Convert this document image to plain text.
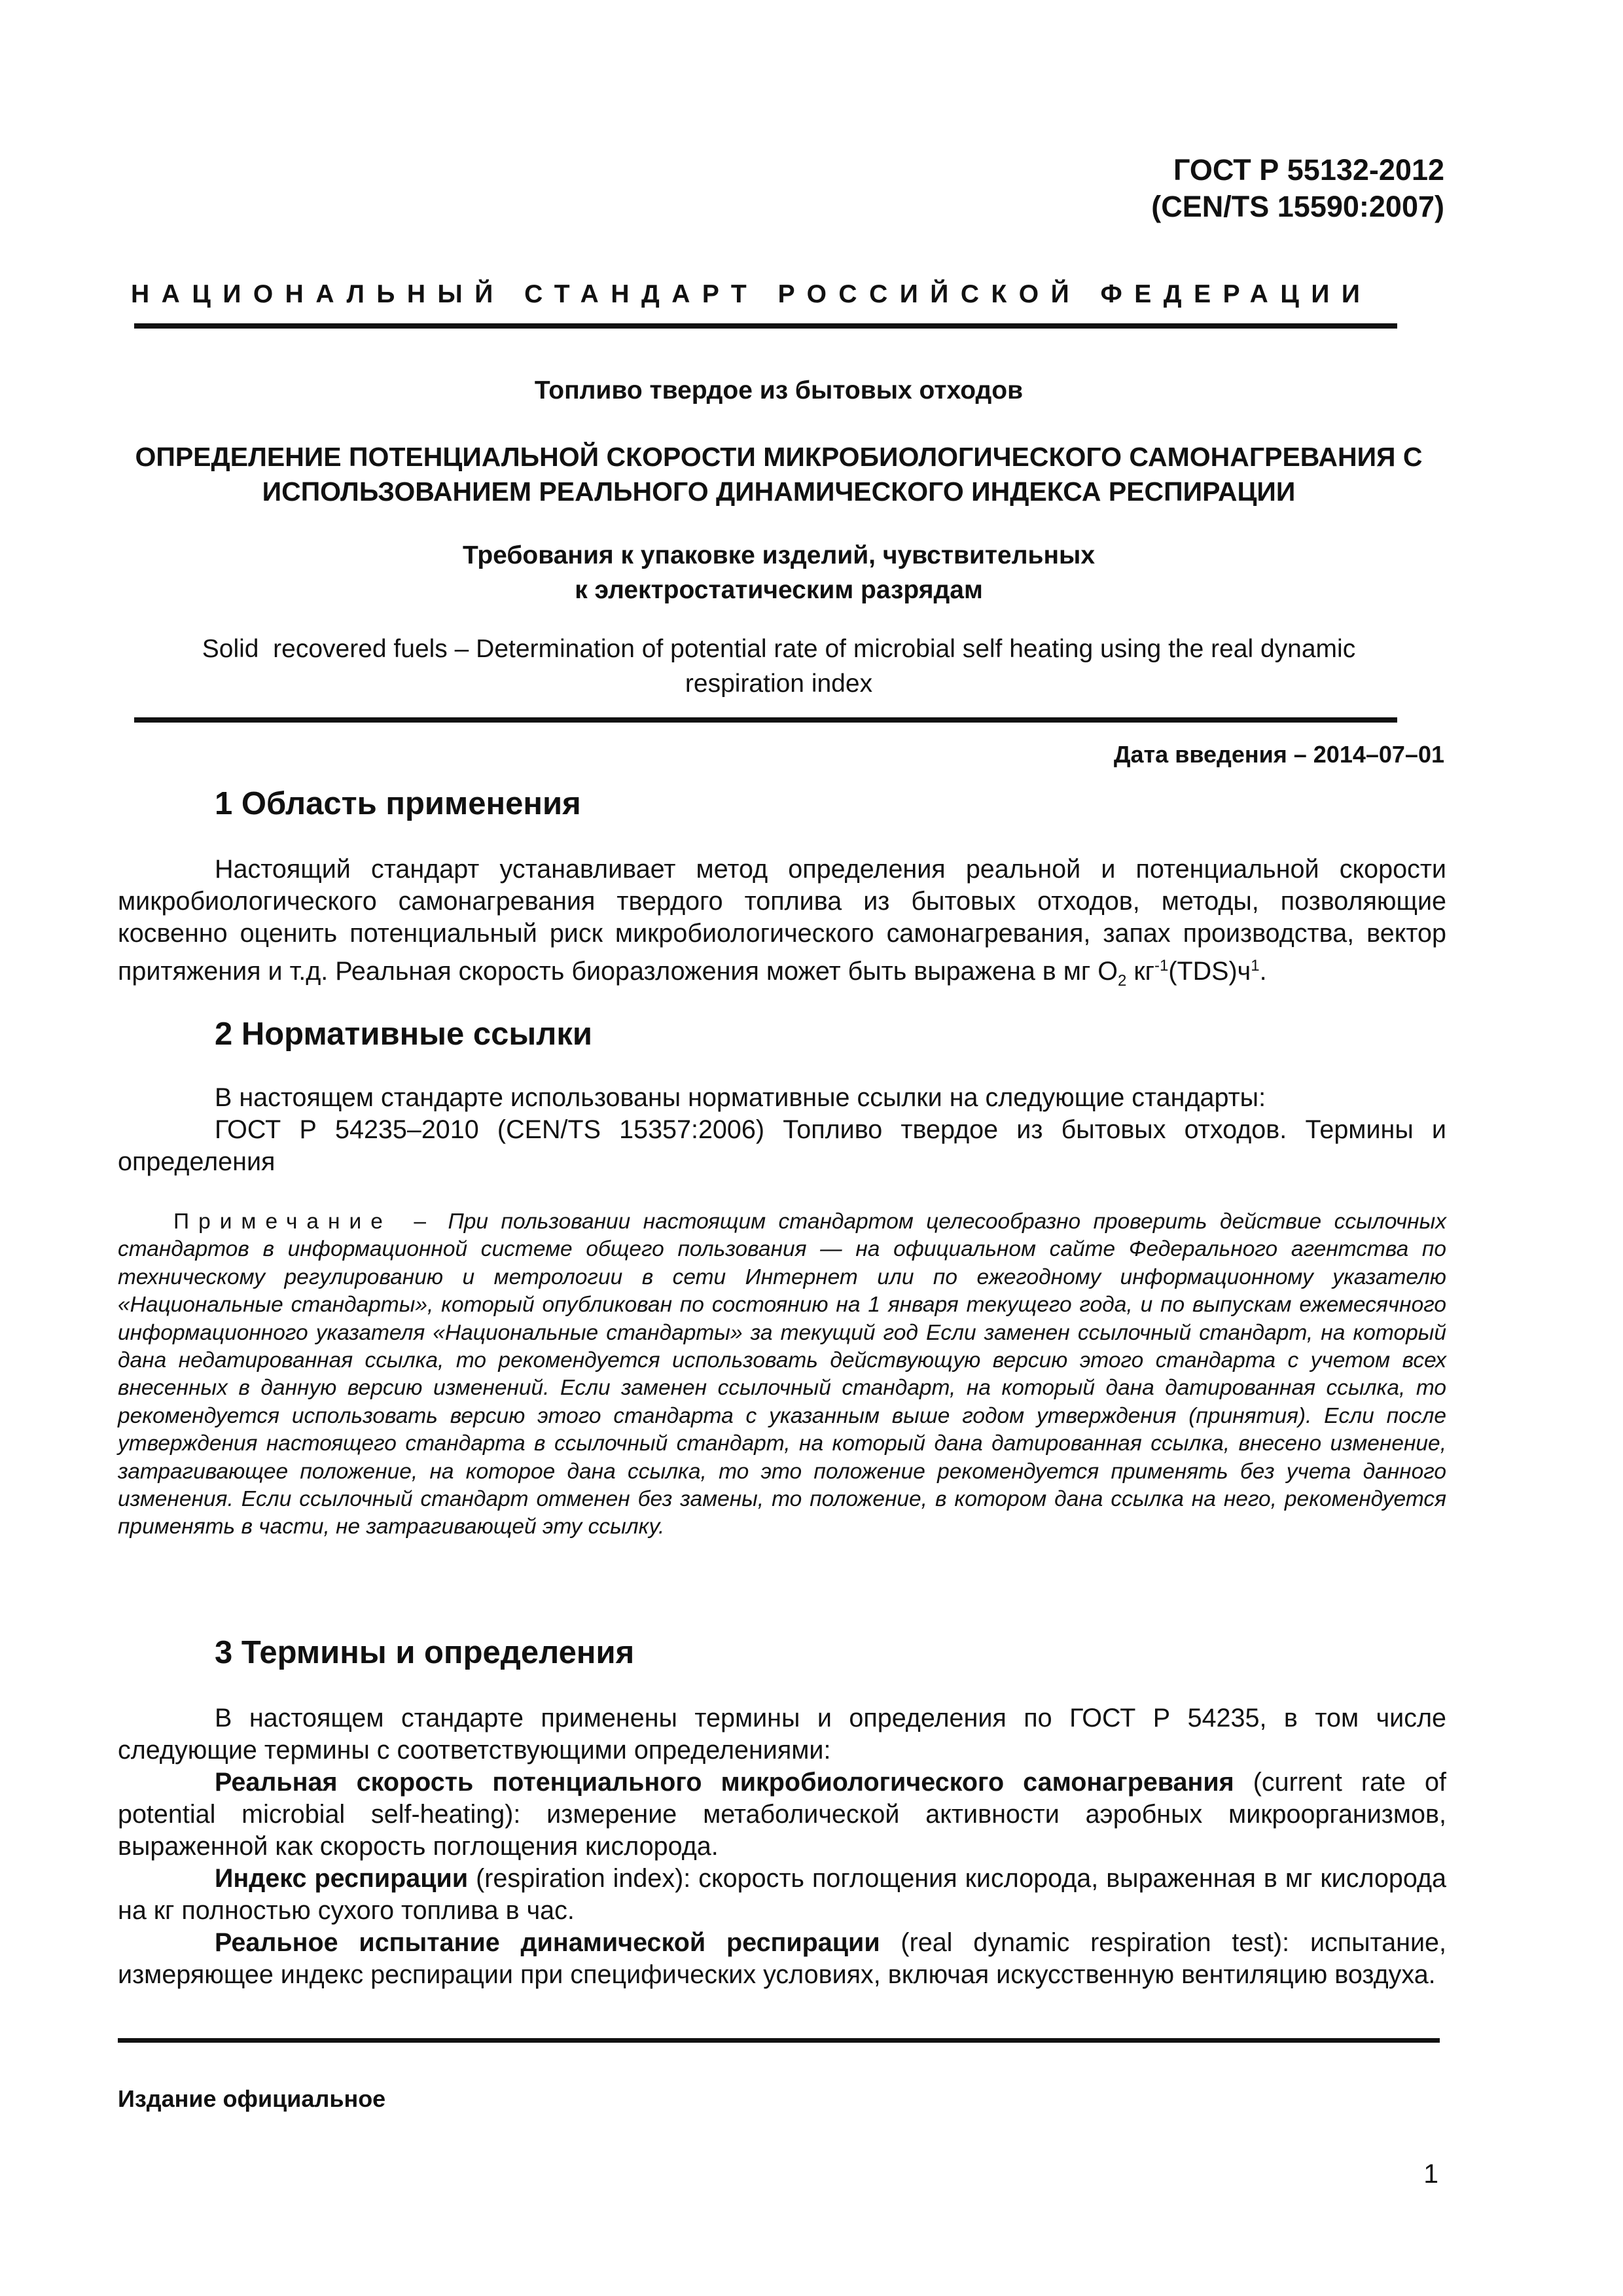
ГОСТ Р 55132-2012
(CEN/TS 15590:2007)
НАЦИОНАЛЬНЫЙ СТАНДАРТ РОССИЙСКОЙ ФЕДЕРАЦИИ
Топливо твердое из бытовых отходов
ОПРЕДЕЛЕНИЕ ПОТЕНЦИАЛЬНОЙ СКОРОСТИ МИКРОБИОЛОГИЧЕСКОГО САМОНАГРЕВАНИЯ С
ИСПОЛЬЗОВАНИЕМ РЕАЛЬНОГО ДИНАМИЧЕСКОГО ИНДЕКСА РЕСПИРАЦИИ
Требования к упаковке изделий, чувствительных
к электростатическим разрядам
Solid  recovered fuels – Determination of potential rate of microbial self heating using the real dynamic
respiration index
Дата введения – 2014–07–01
1 Область применения
Настоящий стандарт устанавливает метод определения реальной и потенциальной скорости микробиологического самонагревания твердого топлива из бытовых отходов, методы, позволяющие косвенно оценить потенциальный риск микробиологического самонагревания, запах производства, вектор притяжения и т.д. Реальная скорость биоразложения может быть выражена в мг $O_2$ $кг^{-1}(TDS)ч^1$.
2 Нормативные ссылки
В настоящем стандарте использованы нормативные ссылки на следующие стандарты:
ГОСТ Р 54235–2010 (CEN/TS 15357:2006) Топливо твердое из бытовых отходов. Термины и определения
Примечание – При пользовании настоящим стандартом целесообразно проверить действие ссылочных стандартов в информационной системе общего пользования — на официальном сайте Федерального агентства по техническому регулированию и метрологии в сети Интернет или по ежегодному информационному указателю «Национальные стандарты», который опубликован по состоянию на 1 января текущего года, и по выпускам ежемесячного информационного указателя «Национальные стандарты» за текущий год Если заменен ссылочный стандарт, на который дана недатированная ссылка, то рекомендуется использовать действующую версию этого стандарта с учетом всех внесенных в данную версию изменений. Если заменен ссылочный стандарт, на который дана датированная ссылка, то рекомендуется использовать версию этого стандарта с указанным выше годом утверждения (принятия). Если после утверждения настоящего стандарта в ссылочный стандарт, на который дана датированная ссылка, внесено изменение, затрагивающее положение, на которое дана ссылка, то это положение рекомендуется применять без учета данного изменения. Если ссылочный стандарт отменен без замены, то положение, в котором дана ссылка на него, рекомендуется применять в части, не затрагивающей эту ссылку.
3 Термины и определения
В настоящем стандарте применены термины и определения по ГОСТ Р 54235, в том числе следующие термины с соответствующими определениями:
Реальная скорость потенциального микробиологического самонагревания (current rate of potential microbial self-heating): измерение метаболической активности аэробных микроорганизмов, выраженной как скорость поглощения кислорода.
Индекс респирации (respiration index): скорость поглощения кислорода, выраженная в мг кислорода на кг полностью сухого топлива в час.
Реальное испытание динамической респирации (real dynamic respiration test): испытание, измеряющее индекс респирации при специфических условиях, включая искусственную вентиляцию воздуха.
Издание официальное
1
